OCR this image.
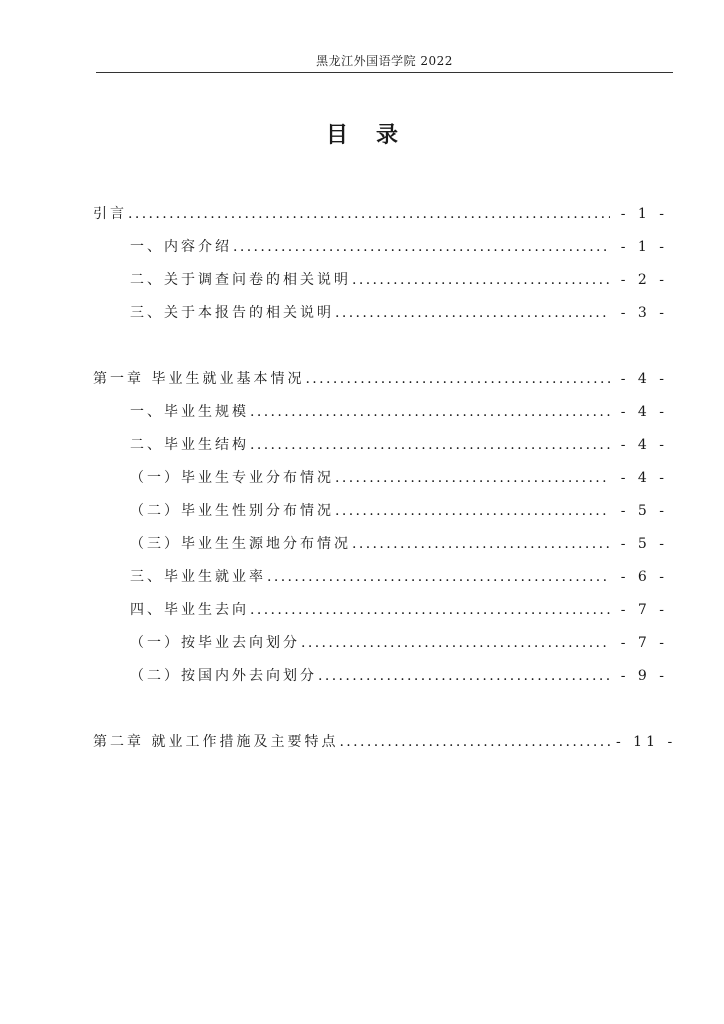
黑龙江外国语学院 2022
目录
引言 .....	- 1 -
一、内容介绍 .....	- 1 -
二、关于调查问卷的相关说明 .....	- 2 -
三、关于本报告的相关说明 .....	- 3 -
第一章 毕业生就业基本情况 .....	- 4 -
一、毕业生规模 .....	- 4 -
二、毕业生结构 .....	- 4 -
（一）毕业生专业分布情况 .....	- 4 -
（二）毕业生性别分布情况 .....	- 5 -
（三）毕业生生源地分布情况 .....	- 5 -
三、毕业生就业率 .....	- 6 -
四、毕业生去向 .....	- 7 -
（一）按毕业去向划分 .....	- 7 -
（二）按国内外去向划分 .....	- 9 -
第二章 就业工作措施及主要特点 .....	- 11 -
